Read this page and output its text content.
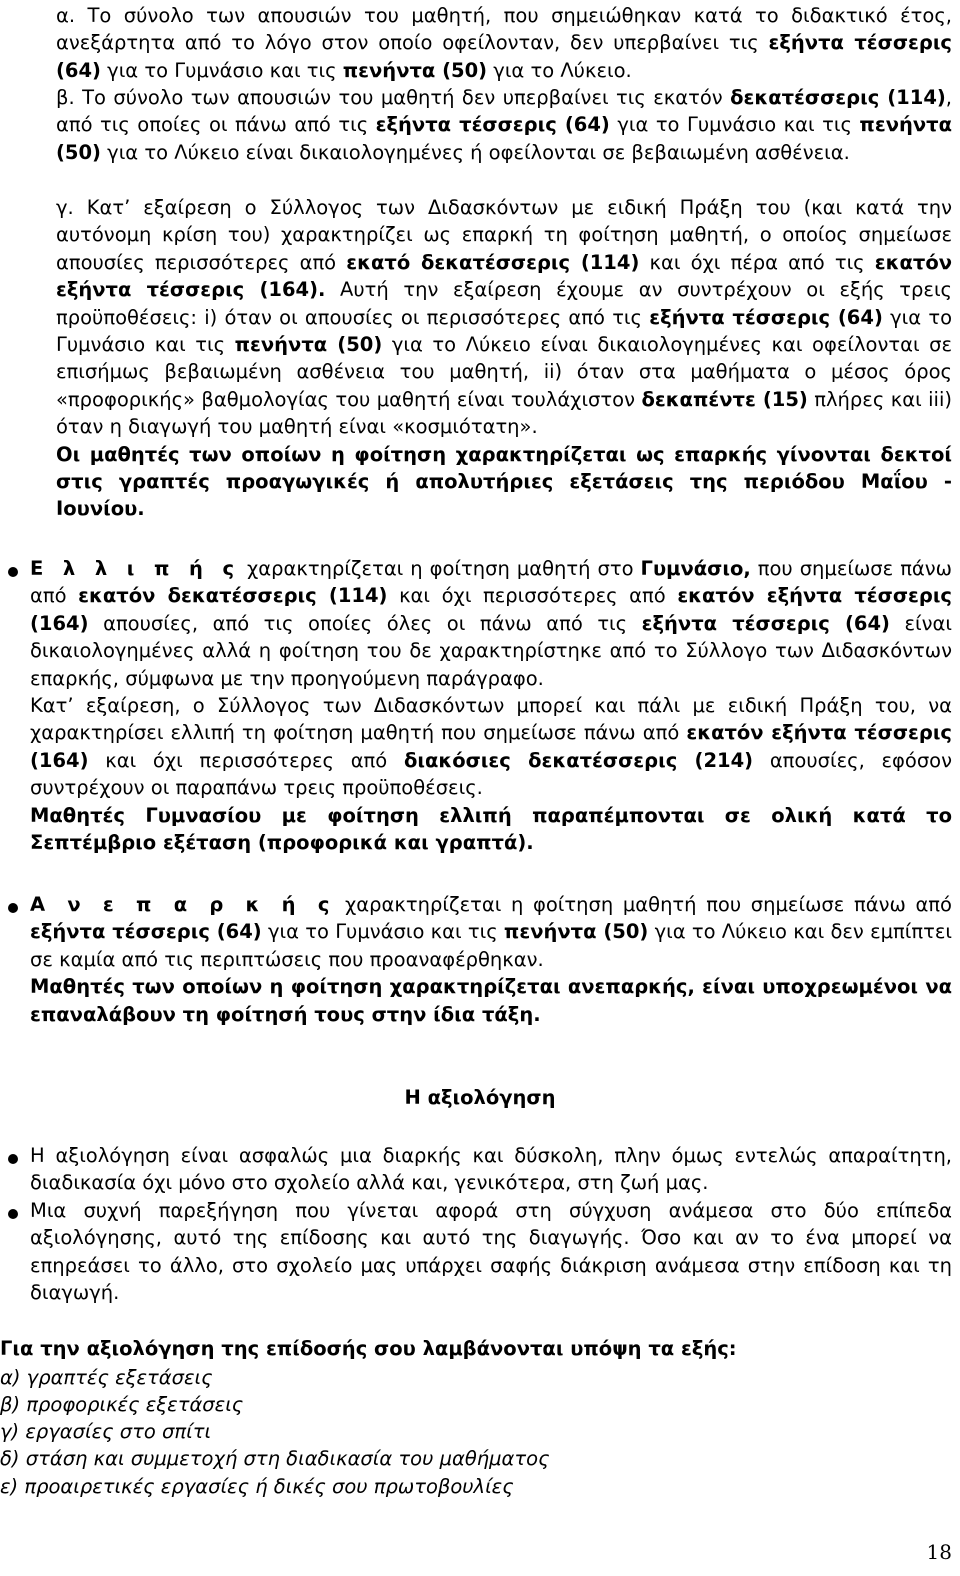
α. Το σύνολο των απουσιών του μαθητή, που σημειώθηκαν κατά το διδακτικό έτος, ανεξάρτητα από το λόγο στον οποίο οφείλονταν, δεν υπερβαίνει τις εξήντα τέσσερις (64) για το Γυμνάσιο και τις πενήντα (50) για το Λύκειο.

β. Το σύνολο των απουσιών του μαθητή δεν υπερβαίνει τις εκατόν δεκατέσσερις (114), από τις οποίες οι πάνω από τις εξήντα τέσσερις (64) για το Γυμνάσιο και τις πενήντα (50) για το Λύκειο είναι δικαιολογημένες ή οφείλονται σε βεβαιωμένη ασθένεια.

γ. Κατ’ εξαίρεση ο Σύλλογος των Διδασκόντων με ειδική Πράξη του (και κατά την αυτόνομη κρίση του) χαρακτηρίζει ως επαρκή τη φοίτηση μαθητή, ο οποίος σημείωσε απουσίες περισσότερες από εκατό δεκατέσσερις (114) και όχι πέρα από τις εκατόν εξήντα τέσσερις (164). Αυτή την εξαίρεση έχουμε αν συντρέχουν οι εξής τρεις προϋποθέσεις: i) όταν οι απουσίες οι περισσότερες από τις εξήντα τέσσερις (64) για το Γυμνάσιο και τις πενήντα (50) για το Λύκειο είναι δικαιολογημένες και οφείλονται σε επισήμως βεβαιωμένη ασθένεια του μαθητή, ii) όταν στα μαθήματα ο μέσος όρος «προφορικής» βαθμολογίας του μαθητή είναι τουλάχιστον δεκαπέντε (15) πλήρες και iii) όταν η διαγωγή του μαθητή είναι «κοσμιότατη».
Οι μαθητές των οποίων η φοίτηση χαρακτηρίζεται ως επαρκής γίνονται δεκτοί στις γραπτές προαγωγικές ή απολυτήριες εξετάσεις της περιόδου Μαΐου - Ιουνίου.

Ε λ λ ι π ή ς χαρακτηρίζεται η φοίτηση μαθητή στο Γυμνάσιο, που σημείωσε πάνω από εκατόν δεκατέσσερις (114) και όχι περισσότερες από εκατόν εξήντα τέσσερις (164) απουσίες, από τις οποίες όλες οι πάνω από τις εξήντα τέσσερις (64) είναι δικαιολογημένες αλλά η φοίτηση του δε χαρακτηρίστηκε από το Σύλλογο των Διδασκόντων επαρκής, σύμφωνα με την προηγούμενη παράγραφο.
Κατ’ εξαίρεση, ο Σύλλογος των Διδασκόντων μπορεί και πάλι με ειδική Πράξη του, να χαρακτηρίσει ελλιπή τη φοίτηση μαθητή που σημείωσε πάνω από εκατόν εξήντα τέσσερις (164) και όχι περισσότερες από διακόσιες δεκατέσσερις (214) απουσίες, εφόσον συντρέχουν οι παραπάνω τρεις προϋποθέσεις.
Μαθητές Γυμνασίου με φοίτηση ελλιπή παραπέμπονται σε ολική κατά το Σεπτέμβριο εξέταση (προφορικά και γραπτά).

Α ν ε π α ρ κ ή ς χαρακτηρίζεται η φοίτηση μαθητή που σημείωσε πάνω από εξήντα τέσσερις (64) για το Γυμνάσιο και τις πενήντα (50) για το Λύκειο και δεν εμπίπτει σε καμία από τις περιπτώσεις που προαναφέρθηκαν.
Μαθητές των οποίων η φοίτηση χαρακτηρίζεται ανεπαρκής, είναι υποχρεωμένοι να επαναλάβουν τη φοίτησή τους στην ίδια τάξη.

Η αξιολόγηση

Η αξιολόγηση είναι ασφαλώς μια διαρκής και δύσκολη, πλην όμως εντελώς απαραίτητη, διαδικασία όχι μόνο στο σχολείο αλλά και, γενικότερα, στη ζωή μας.

Μια συχνή παρεξήγηση που γίνεται αφορά στη σύγχυση ανάμεσα στο δύο επίπεδα αξιολόγησης, αυτό της επίδοσης και αυτό της διαγωγής. Όσο και αν το ένα μπορεί να επηρεάσει το άλλο, στο σχολείο μας υπάρχει σαφής διάκριση ανάμεσα στην επίδοση και τη διαγωγή.

Για την αξιολόγηση της επίδοσής σου λαμβάνονται υπόψη τα εξής:
α) γραπτές εξετάσεις
β) προφορικές εξετάσεις
γ) εργασίες στο σπίτι
δ) στάση και συμμετοχή στη διαδικασία του μαθήματος
ε) προαιρετικές εργασίες ή δικές σου πρωτοβουλίες
18
